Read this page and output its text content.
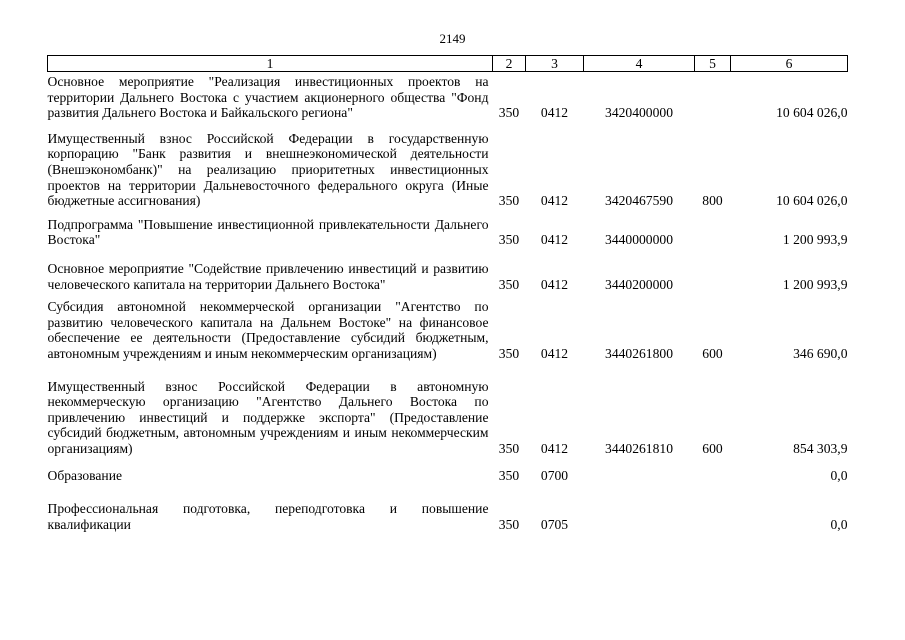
2149
1	2	3	4	5	6
Основное мероприятие "Реализация инвестиционных проектов на территории Дальнего Востока с участием акционерного общества "Фонд развития Дальнего Востока и Байкальского региона"	350	0412	3420400000		10 604 026,0
Имущественный взнос Российской Федерации в государственную корпорацию "Банк развития и внешнеэкономической деятельности (Внешэкономбанк)" на реализацию приоритетных инвестиционных проектов на территории Дальневосточного федерального округа (Иные бюджетные ассигнования)	350	0412	3420467590	800	10 604 026,0
Подпрограмма "Повышение инвестиционной привлекательности Дальнего Востока"	350	0412	3440000000		1 200 993,9
Основное мероприятие "Содействие привлечению инвестиций и развитию человеческого капитала на территории Дальнего Востока"	350	0412	3440200000		1 200 993,9
Субсидия автономной некоммерческой организации "Агентство по развитию человеческого капитала на Дальнем Востоке" на финансовое обеспечение ее деятельности (Предоставление субсидий бюджетным, автономным учреждениям и иным некоммерческим организациям)	350	0412	3440261800	600	346 690,0
Имущественный взнос Российской Федерации в автономную некоммерческую организацию "Агентство Дальнего Востока по привлечению инвестиций и поддержке экспорта" (Предоставление субсидий бюджетным, автономным учреждениям и иным некоммерческим организациям)	350	0412	3440261810	600	854 303,9
Образование	350	0700			0,0
Профессиональная подготовка, переподготовка и повышение квалификации	350	0705			0,0
